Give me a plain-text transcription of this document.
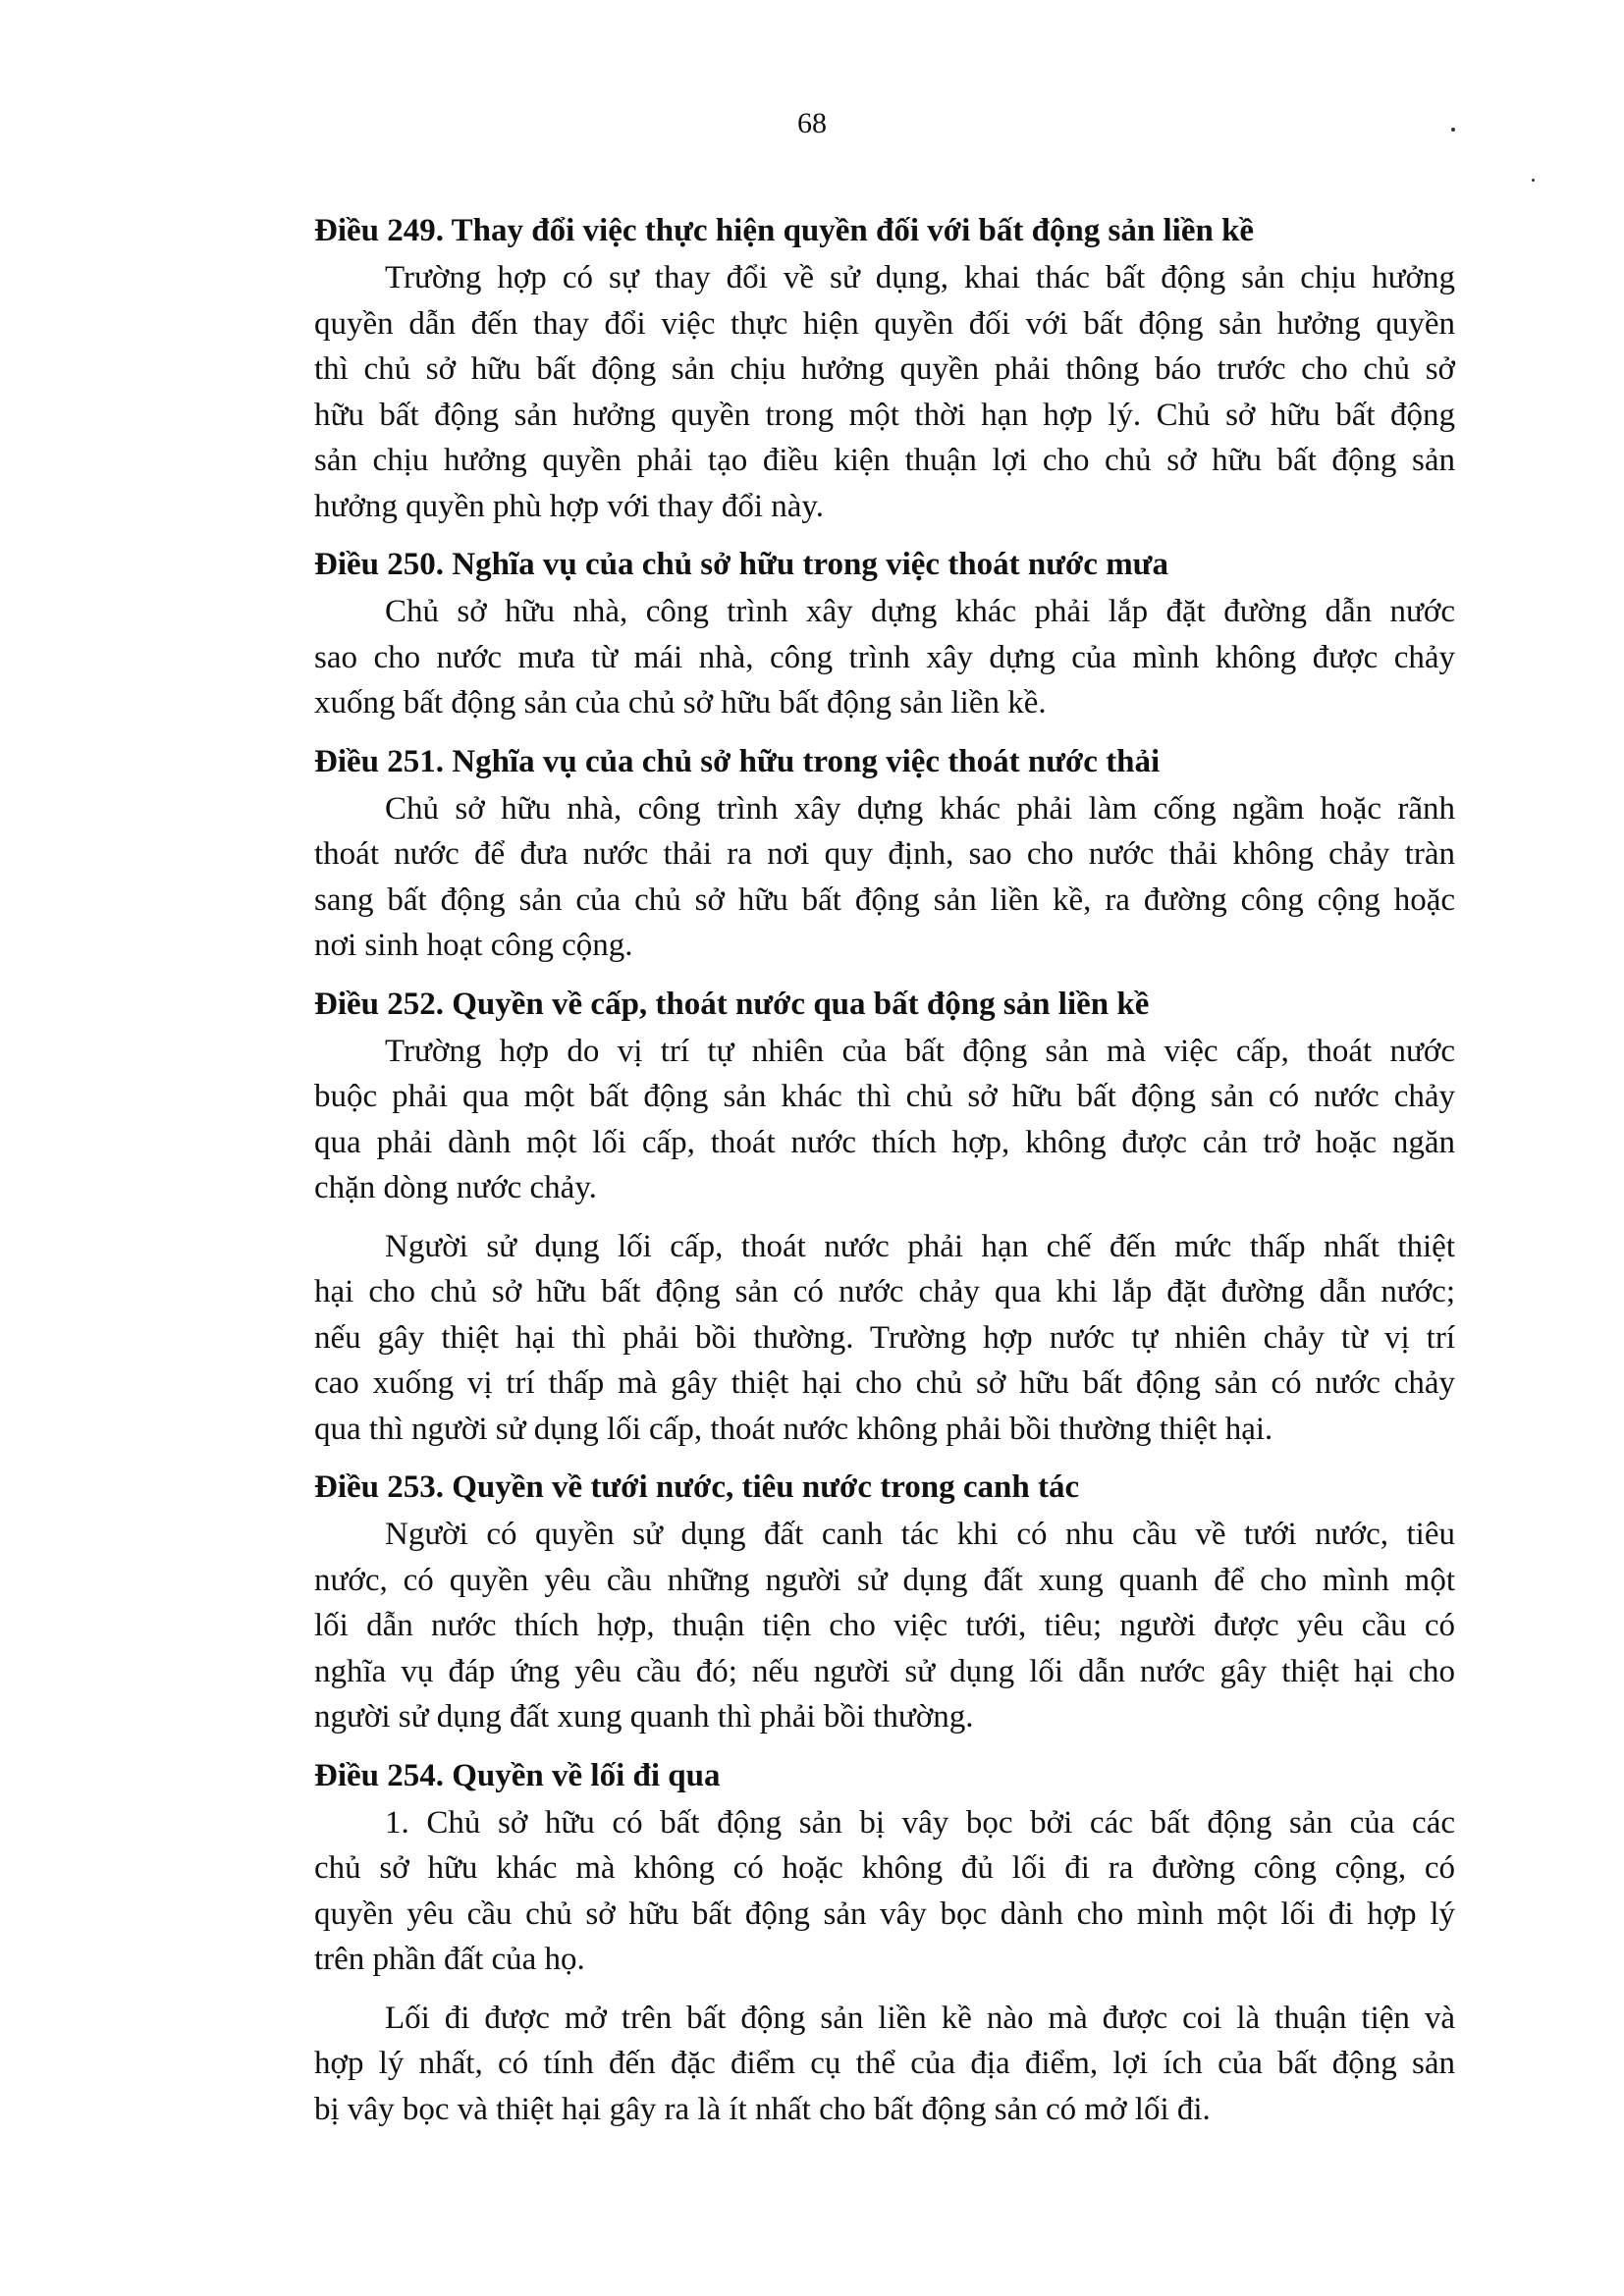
68
Điều 249. Thay đổi việc thực hiện quyền đối với bất động sản liền kề
Trường hợp có sự thay đổi về sử dụng, khai thác bất động sản chịu hưởng
quyền dẫn đến thay đổi việc thực hiện quyền đối với bất động sản hưởng quyền
thì chủ sở hữu bất động sản chịu hưởng quyền phải thông báo trước cho chủ sở
hữu bất động sản hưởng quyền trong một thời hạn hợp lý. Chủ sở hữu bất động
sản chịu hưởng quyền phải tạo điều kiện thuận lợi cho chủ sở hữu bất động sản
hưởng quyền phù hợp với thay đổi này.
Điều 250. Nghĩa vụ của chủ sở hữu trong việc thoát nước mưa
Chủ sở hữu nhà, công trình xây dựng khác phải lắp đặt đường dẫn nước
sao cho nước mưa từ mái nhà, công trình xây dựng của mình không được chảy
xuống bất động sản của chủ sở hữu bất động sản liền kề.
Điều 251. Nghĩa vụ của chủ sở hữu trong việc thoát nước thải
Chủ sở hữu nhà, công trình xây dựng khác phải làm cống ngầm hoặc rãnh
thoát nước để đưa nước thải ra nơi quy định, sao cho nước thải không chảy tràn
sang bất động sản của chủ sở hữu bất động sản liền kề, ra đường công cộng hoặc
nơi sinh hoạt công cộng.
Điều 252. Quyền về cấp, thoát nước qua bất động sản liền kề
Trường hợp do vị trí tự nhiên của bất động sản mà việc cấp, thoát nước
buộc phải qua một bất động sản khác thì chủ sở hữu bất động sản có nước chảy
qua phải dành một lối cấp, thoát nước thích hợp, không được cản trở hoặc ngăn
chặn dòng nước chảy.
Người sử dụng lối cấp, thoát nước phải hạn chế đến mức thấp nhất thiệt
hại cho chủ sở hữu bất động sản có nước chảy qua khi lắp đặt đường dẫn nước;
nếu gây thiệt hại thì phải bồi thường. Trường hợp nước tự nhiên chảy từ vị trí
cao xuống vị trí thấp mà gây thiệt hại cho chủ sở hữu bất động sản có nước chảy
qua thì người sử dụng lối cấp, thoát nước không phải bồi thường thiệt hại.
Điều 253. Quyền về tưới nước, tiêu nước trong canh tác
Người có quyền sử dụng đất canh tác khi có nhu cầu về tưới nước, tiêu
nước, có quyền yêu cầu những người sử dụng đất xung quanh để cho mình một
lối dẫn nước thích hợp, thuận tiện cho việc tưới, tiêu; người được yêu cầu có
nghĩa vụ đáp ứng yêu cầu đó; nếu người sử dụng lối dẫn nước gây thiệt hại cho
người sử dụng đất xung quanh thì phải bồi thường.
Điều 254. Quyền về lối đi qua
1. Chủ sở hữu có bất động sản bị vây bọc bởi các bất động sản của các
chủ sở hữu khác mà không có hoặc không đủ lối đi ra đường công cộng, có
quyền yêu cầu chủ sở hữu bất động sản vây bọc dành cho mình một lối đi hợp lý
trên phần đất của họ.
Lối đi được mở trên bất động sản liền kề nào mà được coi là thuận tiện và
hợp lý nhất, có tính đến đặc điểm cụ thể của địa điểm, lợi ích của bất động sản
bị vây bọc và thiệt hại gây ra là ít nhất cho bất động sản có mở lối đi.
